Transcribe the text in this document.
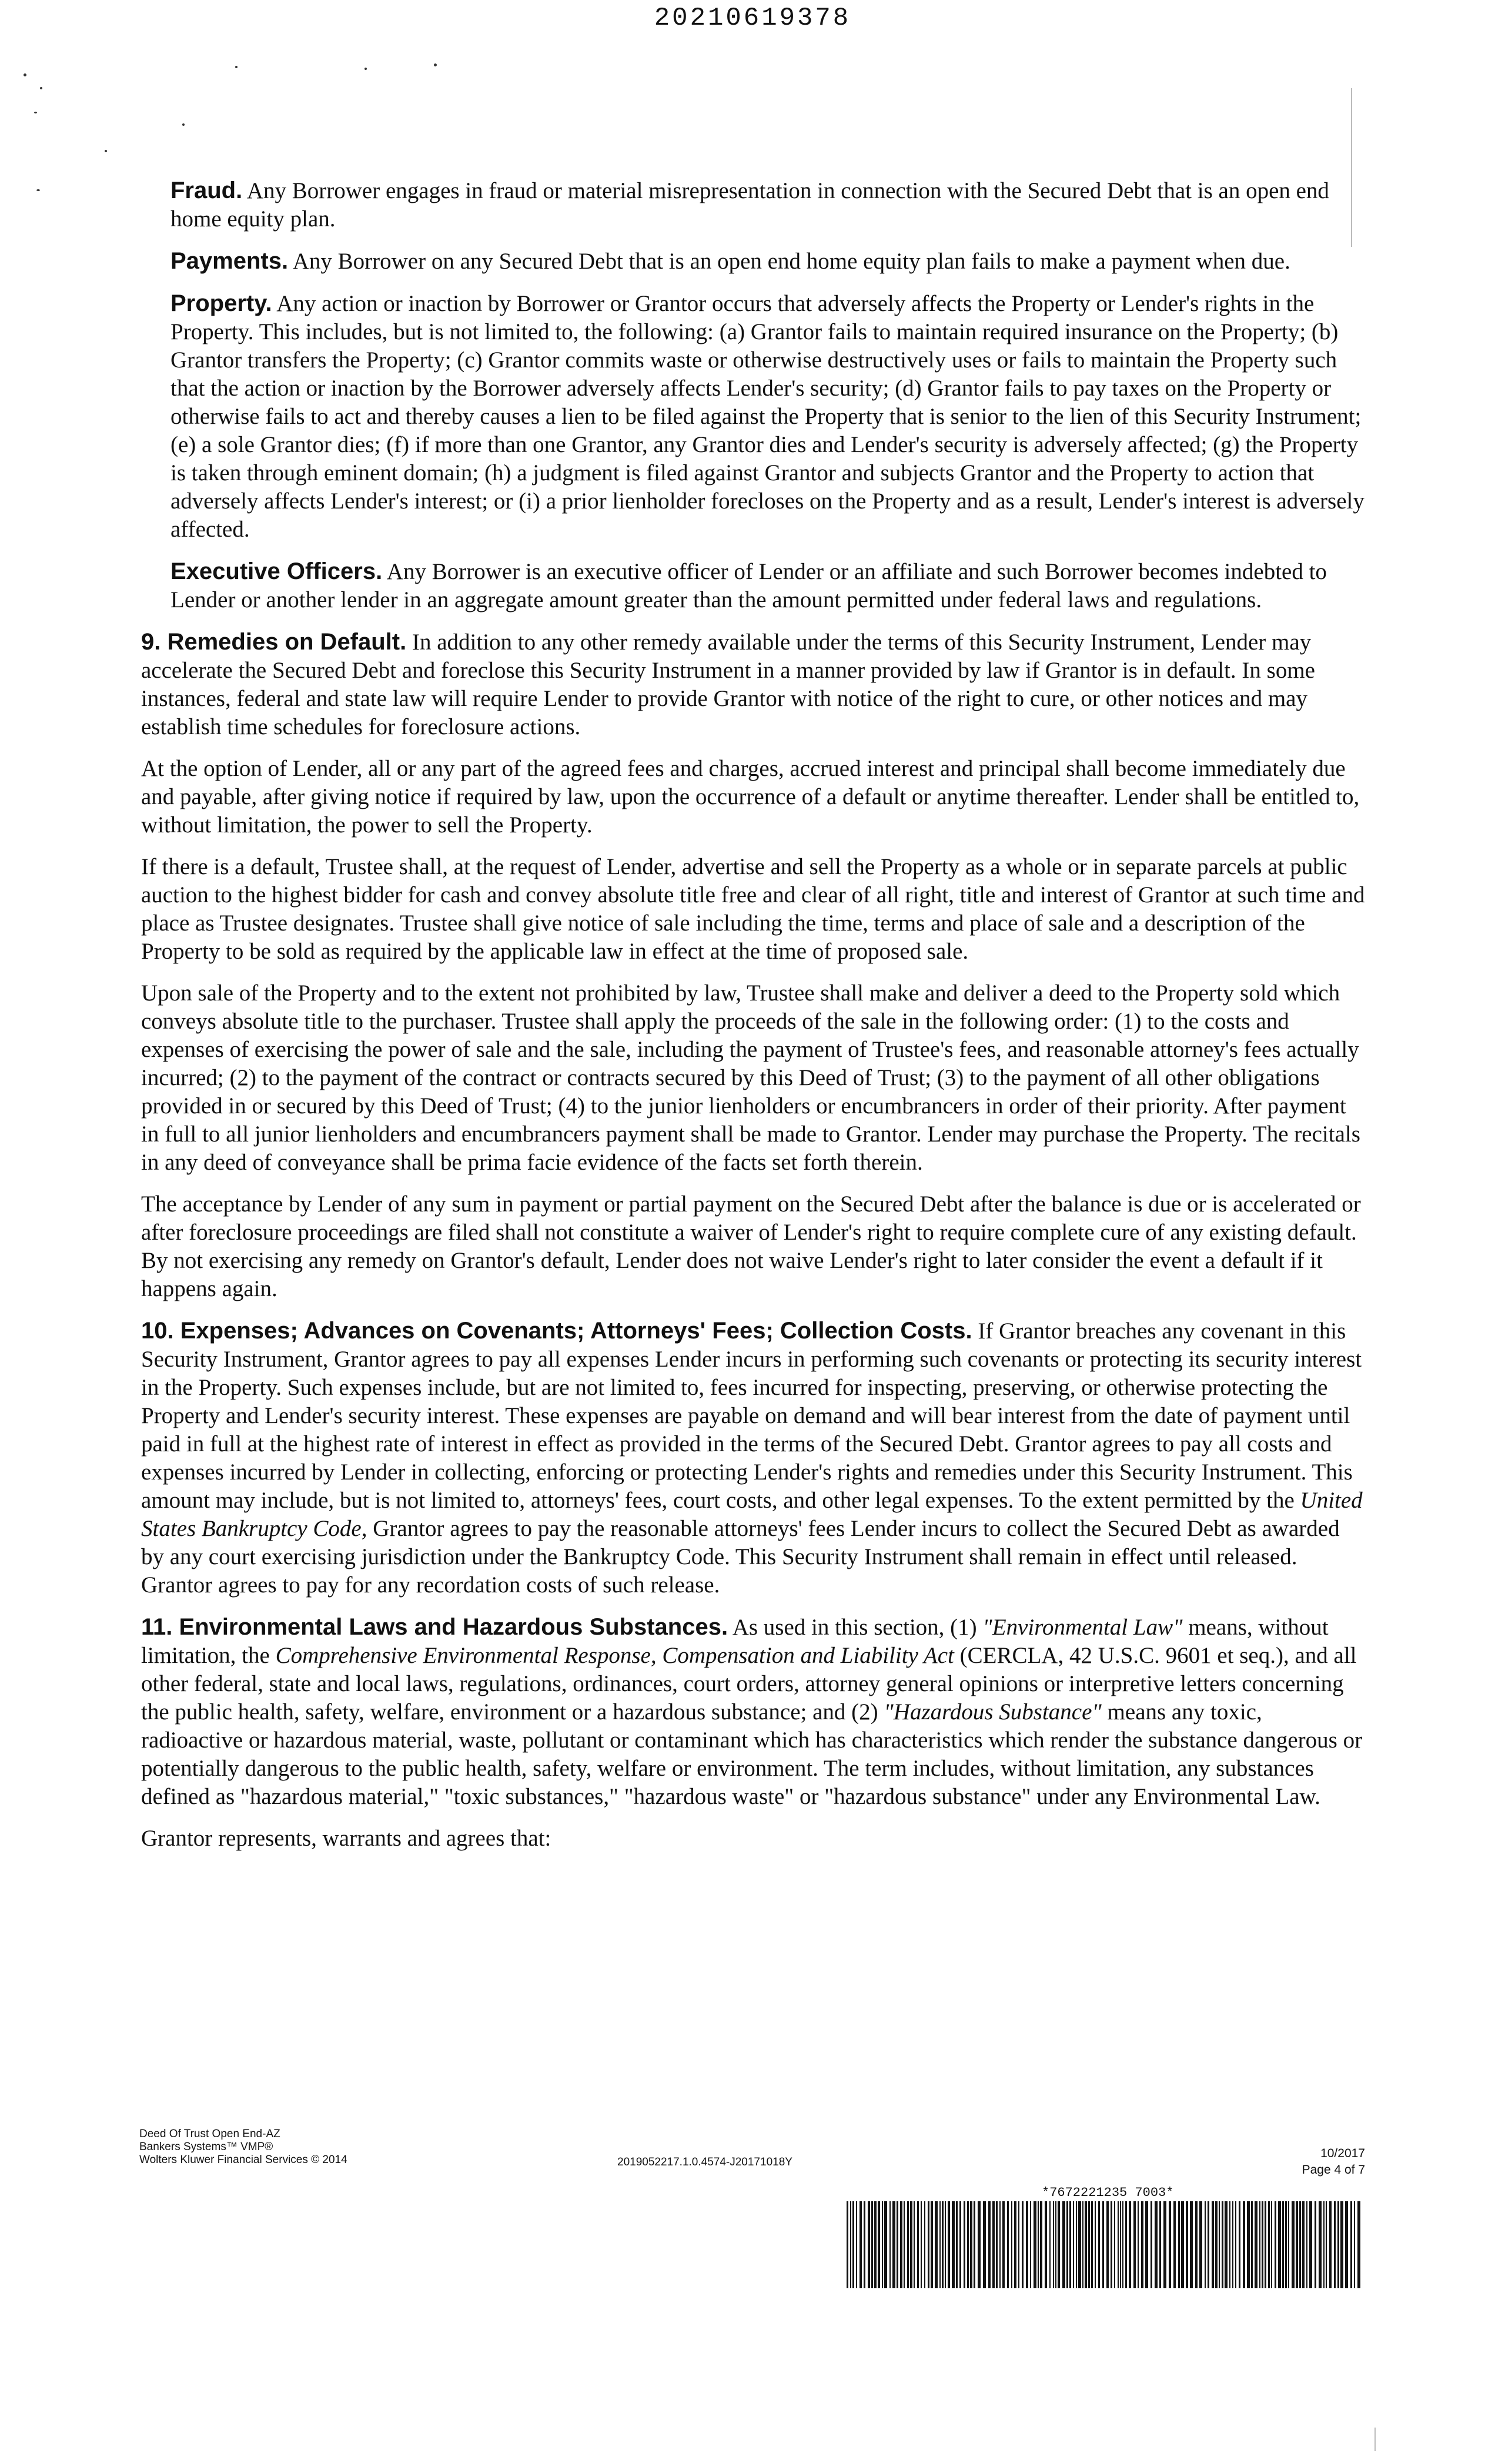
20210619378

Fraud. Any Borrower engages in fraud or material misrepresentation in connection with the Secured Debt that is an open end home equity plan.

Payments. Any Borrower on any Secured Debt that is an open end home equity plan fails to make a payment when due.

Property. Any action or inaction by Borrower or Grantor occurs that adversely affects the Property or Lender's rights in the Property. This includes, but is not limited to, the following: (a) Grantor fails to maintain required insurance on the Property; (b) Grantor transfers the Property; (c) Grantor commits waste or otherwise destructively uses or fails to maintain the Property such that the action or inaction by the Borrower adversely affects Lender's security; (d) Grantor fails to pay taxes on the Property or otherwise fails to act and thereby causes a lien to be filed against the Property that is senior to the lien of this Security Instrument; (e) a sole Grantor dies; (f) if more than one Grantor, any Grantor dies and Lender's security is adversely affected; (g) the Property is taken through eminent domain; (h) a judgment is filed against Grantor and subjects Grantor and the Property to action that adversely affects Lender's interest; or (i) a prior lienholder forecloses on the Property and as a result, Lender's interest is adversely affected.

Executive Officers. Any Borrower is an executive officer of Lender or an affiliate and such Borrower becomes indebted to Lender or another lender in an aggregate amount greater than the amount permitted under federal laws and regulations.

9. Remedies on Default. In addition to any other remedy available under the terms of this Security Instrument, Lender may accelerate the Secured Debt and foreclose this Security Instrument in a manner provided by law if Grantor is in default. In some instances, federal and state law will require Lender to provide Grantor with notice of the right to cure, or other notices and may establish time schedules for foreclosure actions.

At the option of Lender, all or any part of the agreed fees and charges, accrued interest and principal shall become immediately due and payable, after giving notice if required by law, upon the occurrence of a default or anytime thereafter. Lender shall be entitled to, without limitation, the power to sell the Property.

If there is a default, Trustee shall, at the request of Lender, advertise and sell the Property as a whole or in separate parcels at public auction to the highest bidder for cash and convey absolute title free and clear of all right, title and interest of Grantor at such time and place as Trustee designates. Trustee shall give notice of sale including the time, terms and place of sale and a description of the Property to be sold as required by the applicable law in effect at the time of proposed sale.

Upon sale of the Property and to the extent not prohibited by law, Trustee shall make and deliver a deed to the Property sold which conveys absolute title to the purchaser. Trustee shall apply the proceeds of the sale in the following order: (1) to the costs and expenses of exercising the power of sale and the sale, including the payment of Trustee's fees, and reasonable attorney's fees actually incurred; (2) to the payment of the contract or contracts secured by this Deed of Trust; (3) to the payment of all other obligations provided in or secured by this Deed of Trust; (4) to the junior lienholders or encumbrancers in order of their priority. After payment in full to all junior lienholders and encumbrancers payment shall be made to Grantor. Lender may purchase the Property. The recitals in any deed of conveyance shall be prima facie evidence of the facts set forth therein.

The acceptance by Lender of any sum in payment or partial payment on the Secured Debt after the balance is due or is accelerated or after foreclosure proceedings are filed shall not constitute a waiver of Lender's right to require complete cure of any existing default. By not exercising any remedy on Grantor's default, Lender does not waive Lender's right to later consider the event a default if it happens again.

10. Expenses; Advances on Covenants; Attorneys' Fees; Collection Costs. If Grantor breaches any covenant in this Security Instrument, Grantor agrees to pay all expenses Lender incurs in performing such covenants or protecting its security interest in the Property. Such expenses include, but are not limited to, fees incurred for inspecting, preserving, or otherwise protecting the Property and Lender's security interest. These expenses are payable on demand and will bear interest from the date of payment until paid in full at the highest rate of interest in effect as provided in the terms of the Secured Debt. Grantor agrees to pay all costs and expenses incurred by Lender in collecting, enforcing or protecting Lender's rights and remedies under this Security Instrument. This amount may include, but is not limited to, attorneys' fees, court costs, and other legal expenses. To the extent permitted by the United States Bankruptcy Code, Grantor agrees to pay the reasonable attorneys' fees Lender incurs to collect the Secured Debt as awarded by any court exercising jurisdiction under the Bankruptcy Code. This Security Instrument shall remain in effect until released. Grantor agrees to pay for any recordation costs of such release.

11. Environmental Laws and Hazardous Substances. As used in this section, (1) "Environmental Law" means, without limitation, the Comprehensive Environmental Response, Compensation and Liability Act (CERCLA, 42 U.S.C. 9601 et seq.), and all other federal, state and local laws, regulations, ordinances, court orders, attorney general opinions or interpretive letters concerning the public health, safety, welfare, environment or a hazardous substance; and (2) "Hazardous Substance" means any toxic, radioactive or hazardous material, waste, pollutant or contaminant which has characteristics which render the substance dangerous or potentially dangerous to the public health, safety, welfare or environment. The term includes, without limitation, any substances defined as "hazardous material," "toxic substances," "hazardous waste" or "hazardous substance" under any Environmental Law.

Grantor represents, warrants and agrees that:

Deed Of Trust Open End-AZ
Bankers Systems™ VMP®
Wolters Kluwer Financial Services © 2014	2019052217.1.0.4574-J20171018Y
10/2017
Page 4 of 7
*7672221235 7003*
